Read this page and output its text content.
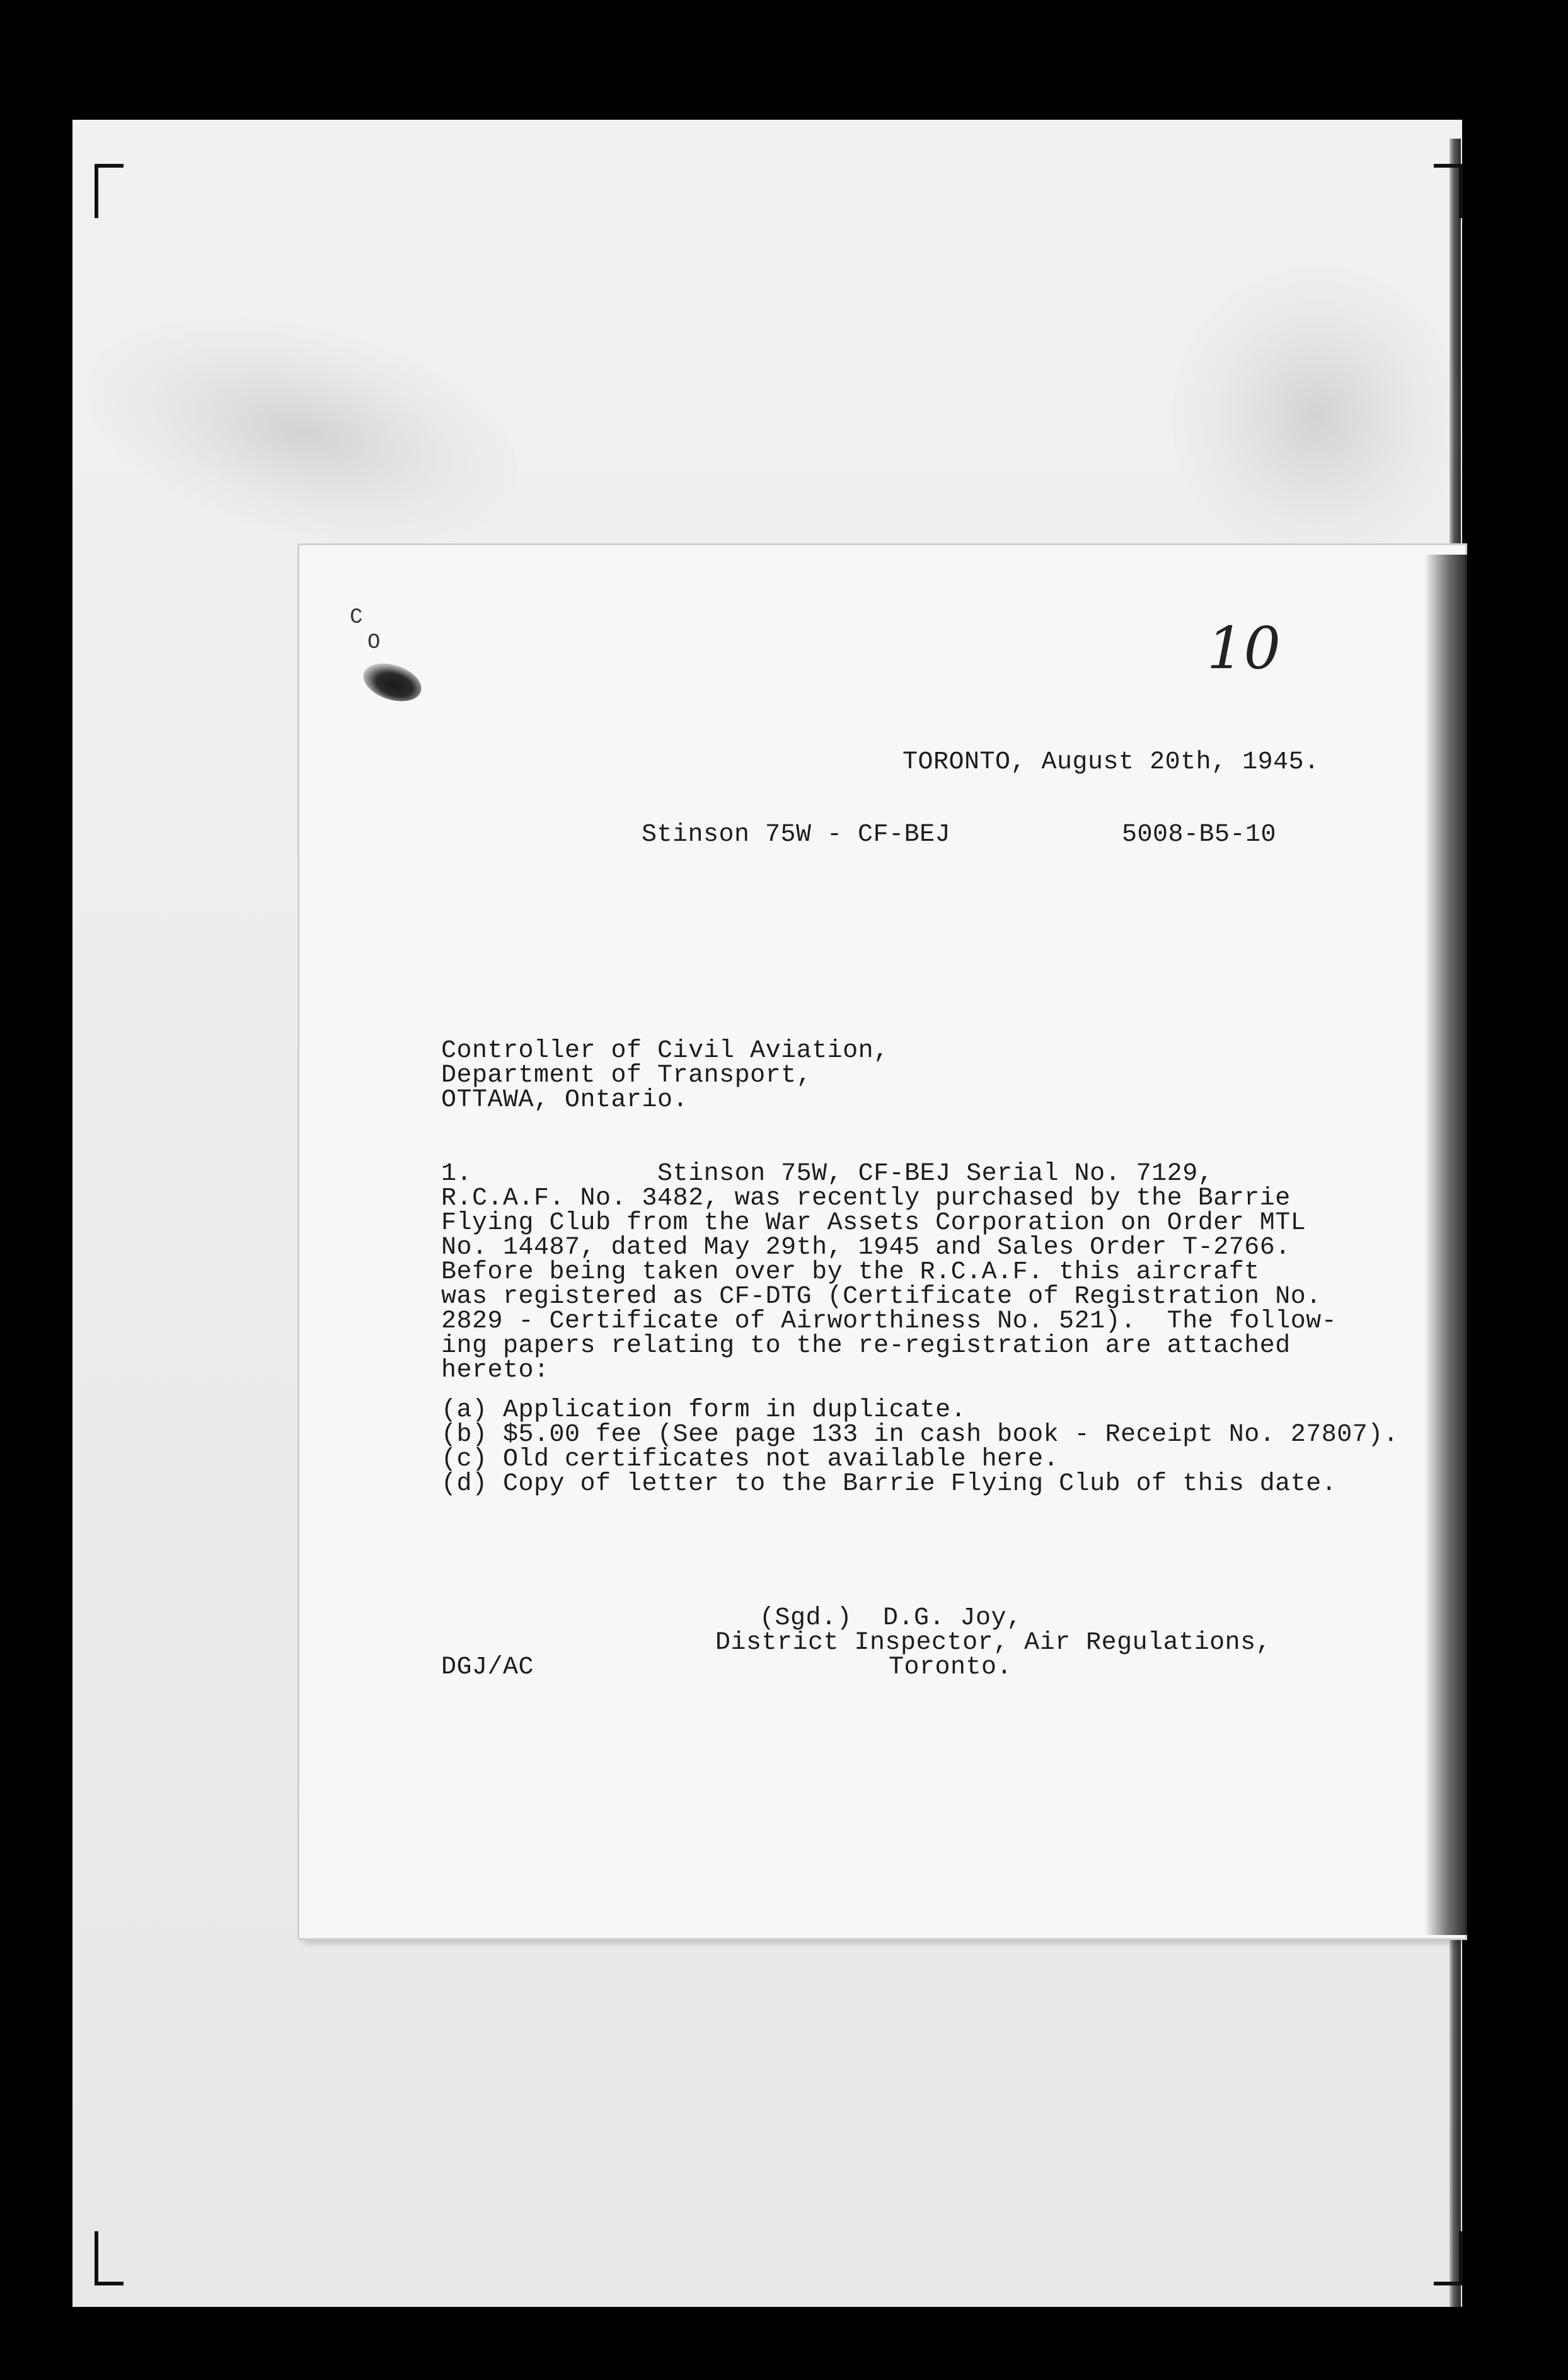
C
O	10
TORONTO, August 20th, 1945.
Stinson 75W - CF-BEJ	5008-B5-10
Controller of Civil Aviation,
Department of Transport,
OTTAWA, Ontario.
1.            Stinson 75W, CF-BEJ Serial No. 7129,
R.C.A.F. No. 3482, was recently purchased by the Barrie
Flying Club from the War Assets Corporation on Order MTL
No. 14487, dated May 29th, 1945 and Sales Order T-2766.
Before being taken over by the R.C.A.F. this aircraft
was registered as CF-DTG (Certificate of Registration No.
2829 - Certificate of Airworthiness No. 521).  The follow-
ing papers relating to the re-registration are attached
hereto:
(a) Application form in duplicate.
(b) $5.00 fee (See page 133 in cash book - Receipt No. 27807).
(c) Old certificates not available here.
(d) Copy of letter to the Barrie Flying Club of this date.
(Sgd.)  D.G. Joy,
District Inspector, Air Regulations,
Toronto.
DGJ/AC
